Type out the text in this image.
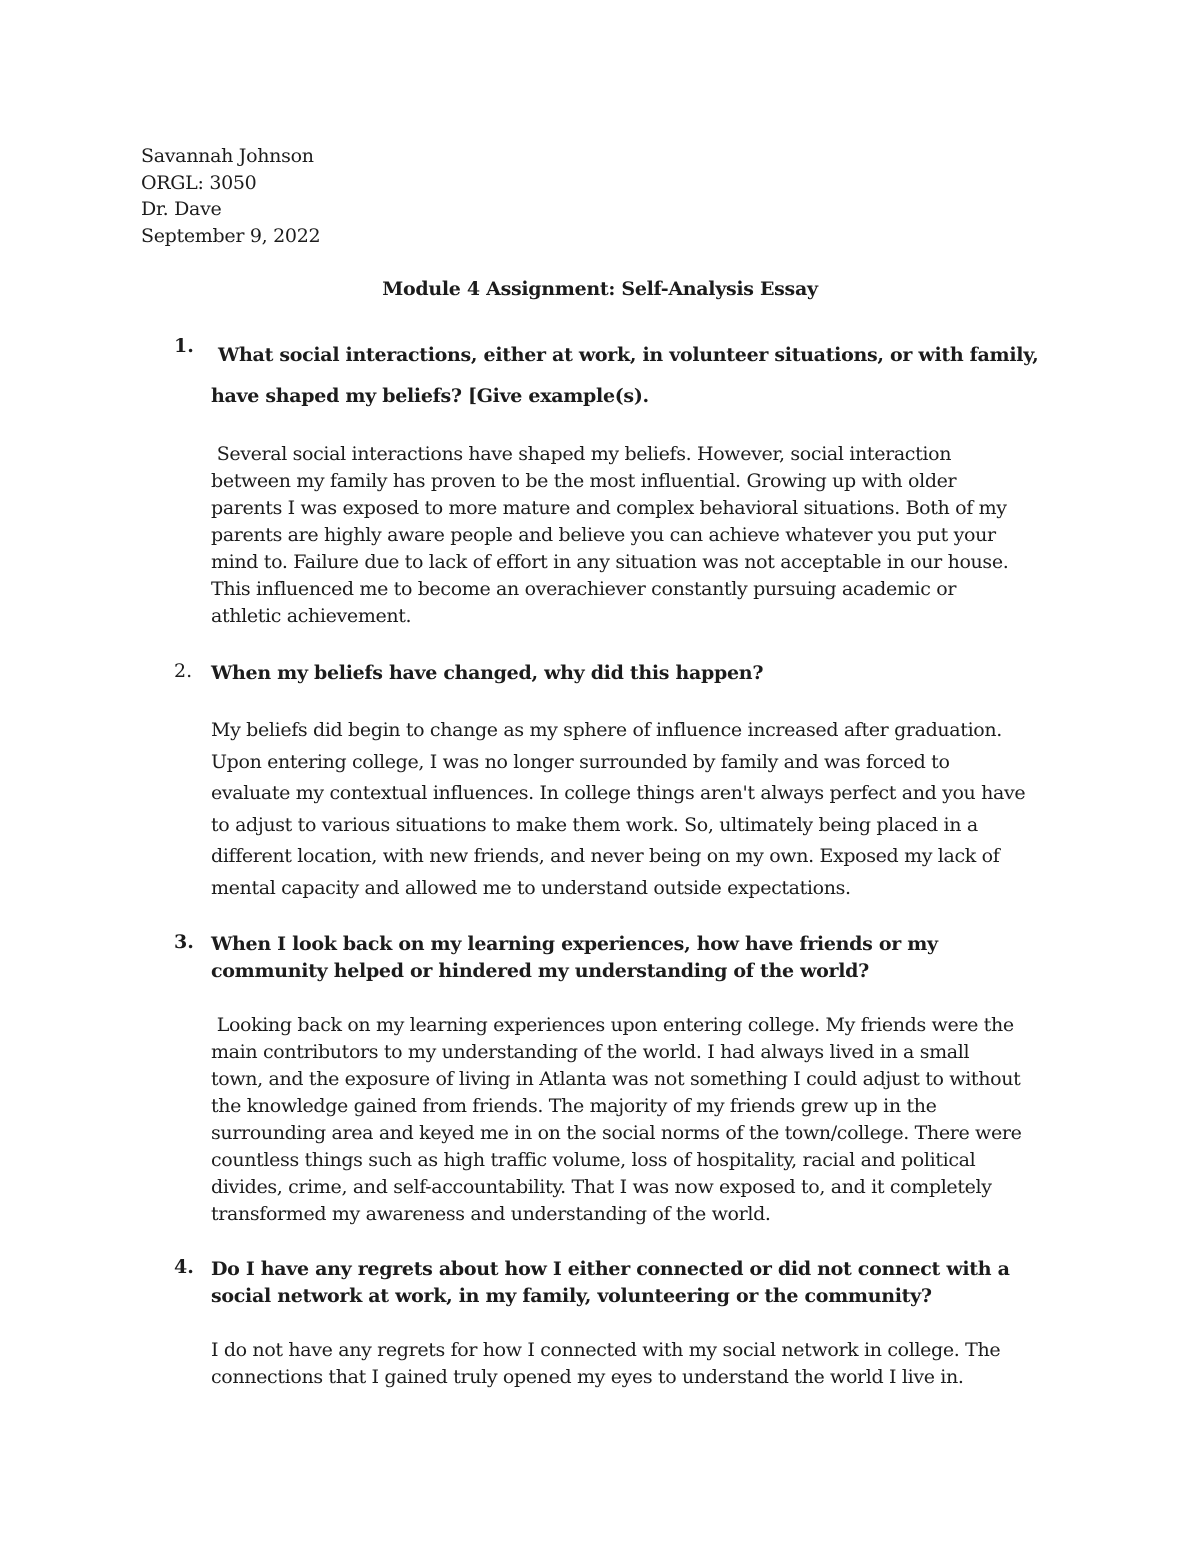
Savannah Johnson
ORGL: 3050
Dr. Dave
September 9, 2022
Module 4 Assignment: Self-Analysis Essay
1.	What social interactions, either at work, in volunteer situations, or with family,
have shaped my beliefs? [Give example(s).
Several social interactions have shaped my beliefs. However, social interaction
between my family has proven to be the most influential. Growing up with older
parents I was exposed to more mature and complex behavioral situations. Both of my
parents are highly aware people and believe you can achieve whatever you put your
mind to. Failure due to lack of effort in any situation was not acceptable in our house.
This influenced me to become an overachiever constantly pursuing academic or
athletic achievement.
2. When my beliefs have changed, why did this happen?
My beliefs did begin to change as my sphere of influence increased after graduation.
Upon entering college, I was no longer surrounded by family and was forced to
evaluate my contextual influences. In college things aren't always perfect and you have
to adjust to various situations to make them work. So, ultimately being placed in a
different location, with new friends, and never being on my own. Exposed my lack of
mental capacity and allowed me to understand outside expectations.
3. When I look back on my learning experiences, how have friends or my
community helped or hindered my understanding of the world?
Looking back on my learning experiences upon entering college. My friends were the
main contributors to my understanding of the world. I had always lived in a small
town, and the exposure of living in Atlanta was not something I could adjust to without
the knowledge gained from friends. The majority of my friends grew up in the
surrounding area and keyed me in on the social norms of the town/college. There were
countless things such as high traffic volume, loss of hospitality, racial and political
divides, crime, and self-accountability. That I was now exposed to, and it completely
transformed my awareness and understanding of the world.
4. Do I have any regrets about how I either connected or did not connect with a
social network at work, in my family, volunteering or the community?
I do not have any regrets for how I connected with my social network in college. The
connections that I gained truly opened my eyes to understand the world I live in.
